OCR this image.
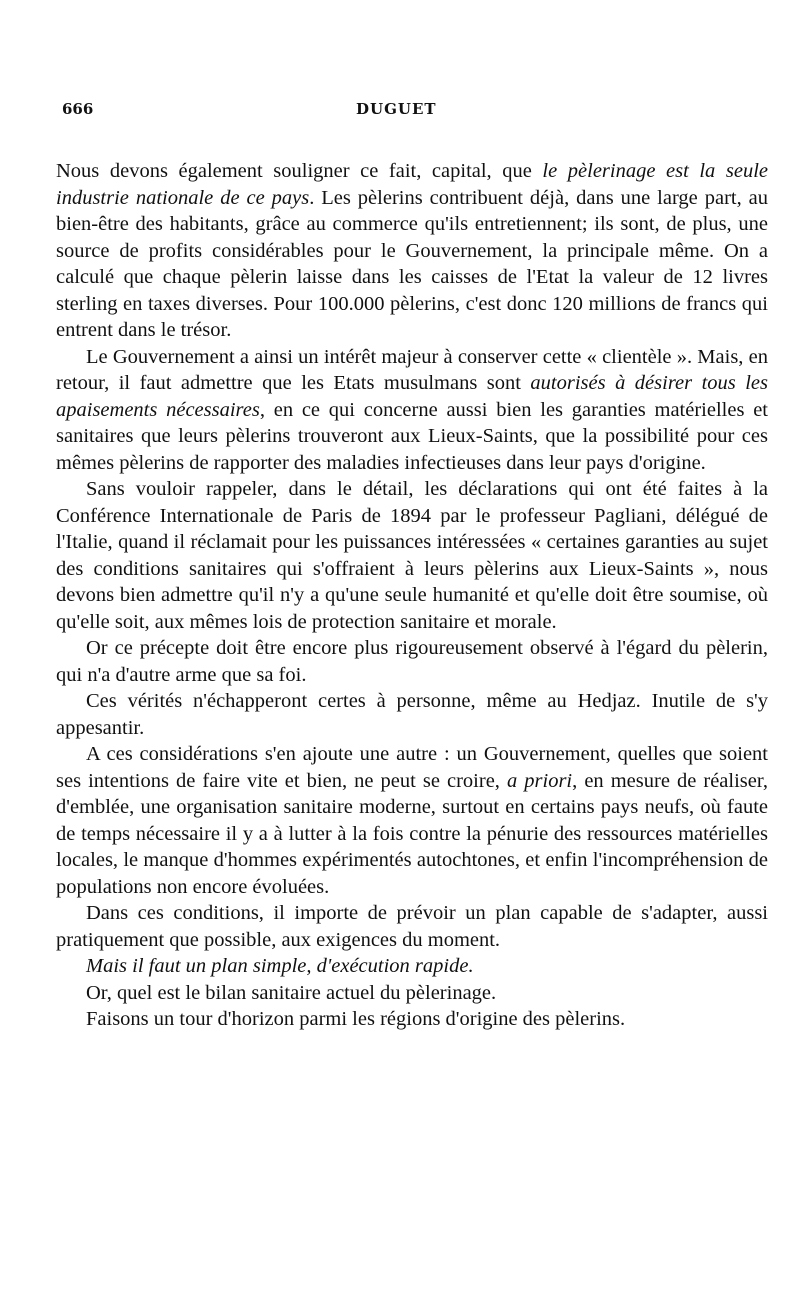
666	DUGUET

Nous devons également souligner ce fait, capital, que le pèlerinage est la seule industrie nationale de ce pays. Les pèlerins contribuent déjà, dans une large part, au bien-être des habitants, grâce au commerce qu'ils entretiennent; ils sont, de plus, une source de profits considérables pour le Gouvernement, la principale même. On a calculé que chaque pèlerin laisse dans les caisses de l'Etat la valeur de 12 livres sterling en taxes diverses. Pour 100.000 pèlerins, c'est donc 120 millions de francs qui entrent dans le trésor.

Le Gouvernement a ainsi un intérêt majeur à conserver cette « clientèle ». Mais, en retour, il faut admettre que les Etats musulmans sont autorisés à désirer tous les apaisements nécessaires, en ce qui concerne aussi bien les garanties matérielles et sanitaires que leurs pèlerins trouveront aux Lieux-Saints, que la possibilité pour ces mêmes pèlerins de rapporter des maladies infectieuses dans leur pays d'origine.

Sans vouloir rappeler, dans le détail, les déclarations qui ont été faites à la Conférence Internationale de Paris de 1894 par le professeur Pagliani, délégué de l'Italie, quand il réclamait pour les puissances intéressées « certaines garanties au sujet des conditions sanitaires qui s'offraient à leurs pèlerins aux Lieux-Saints », nous devons bien admettre qu'il n'y a qu'une seule humanité et qu'elle doit être soumise, où qu'elle soit, aux mêmes lois de protection sanitaire et morale.

Or ce précepte doit être encore plus rigoureusement observé à l'égard du pèlerin, qui n'a d'autre arme que sa foi.

Ces vérités n'échapperont certes à personne, même au Hedjaz. Inutile de s'y appesantir.

A ces considérations s'en ajoute une autre : un Gouvernement, quelles que soient ses intentions de faire vite et bien, ne peut se croire, a priori, en mesure de réaliser, d'emblée, une organisation sanitaire moderne, surtout en certains pays neufs, où faute de temps nécessaire il y a à lutter à la fois contre la pénurie des ressources matérielles locales, le manque d'hommes expérimentés autochtones, et enfin l'incompréhension de populations non encore évoluées.

Dans ces conditions, il importe de prévoir un plan capable de s'adapter, aussi pratiquement que possible, aux exigences du moment.

Mais il faut un plan simple, d'exécution rapide.

Or, quel est le bilan sanitaire actuel du pèlerinage.

Faisons un tour d'horizon parmi les régions d'origine des pèlerins.
